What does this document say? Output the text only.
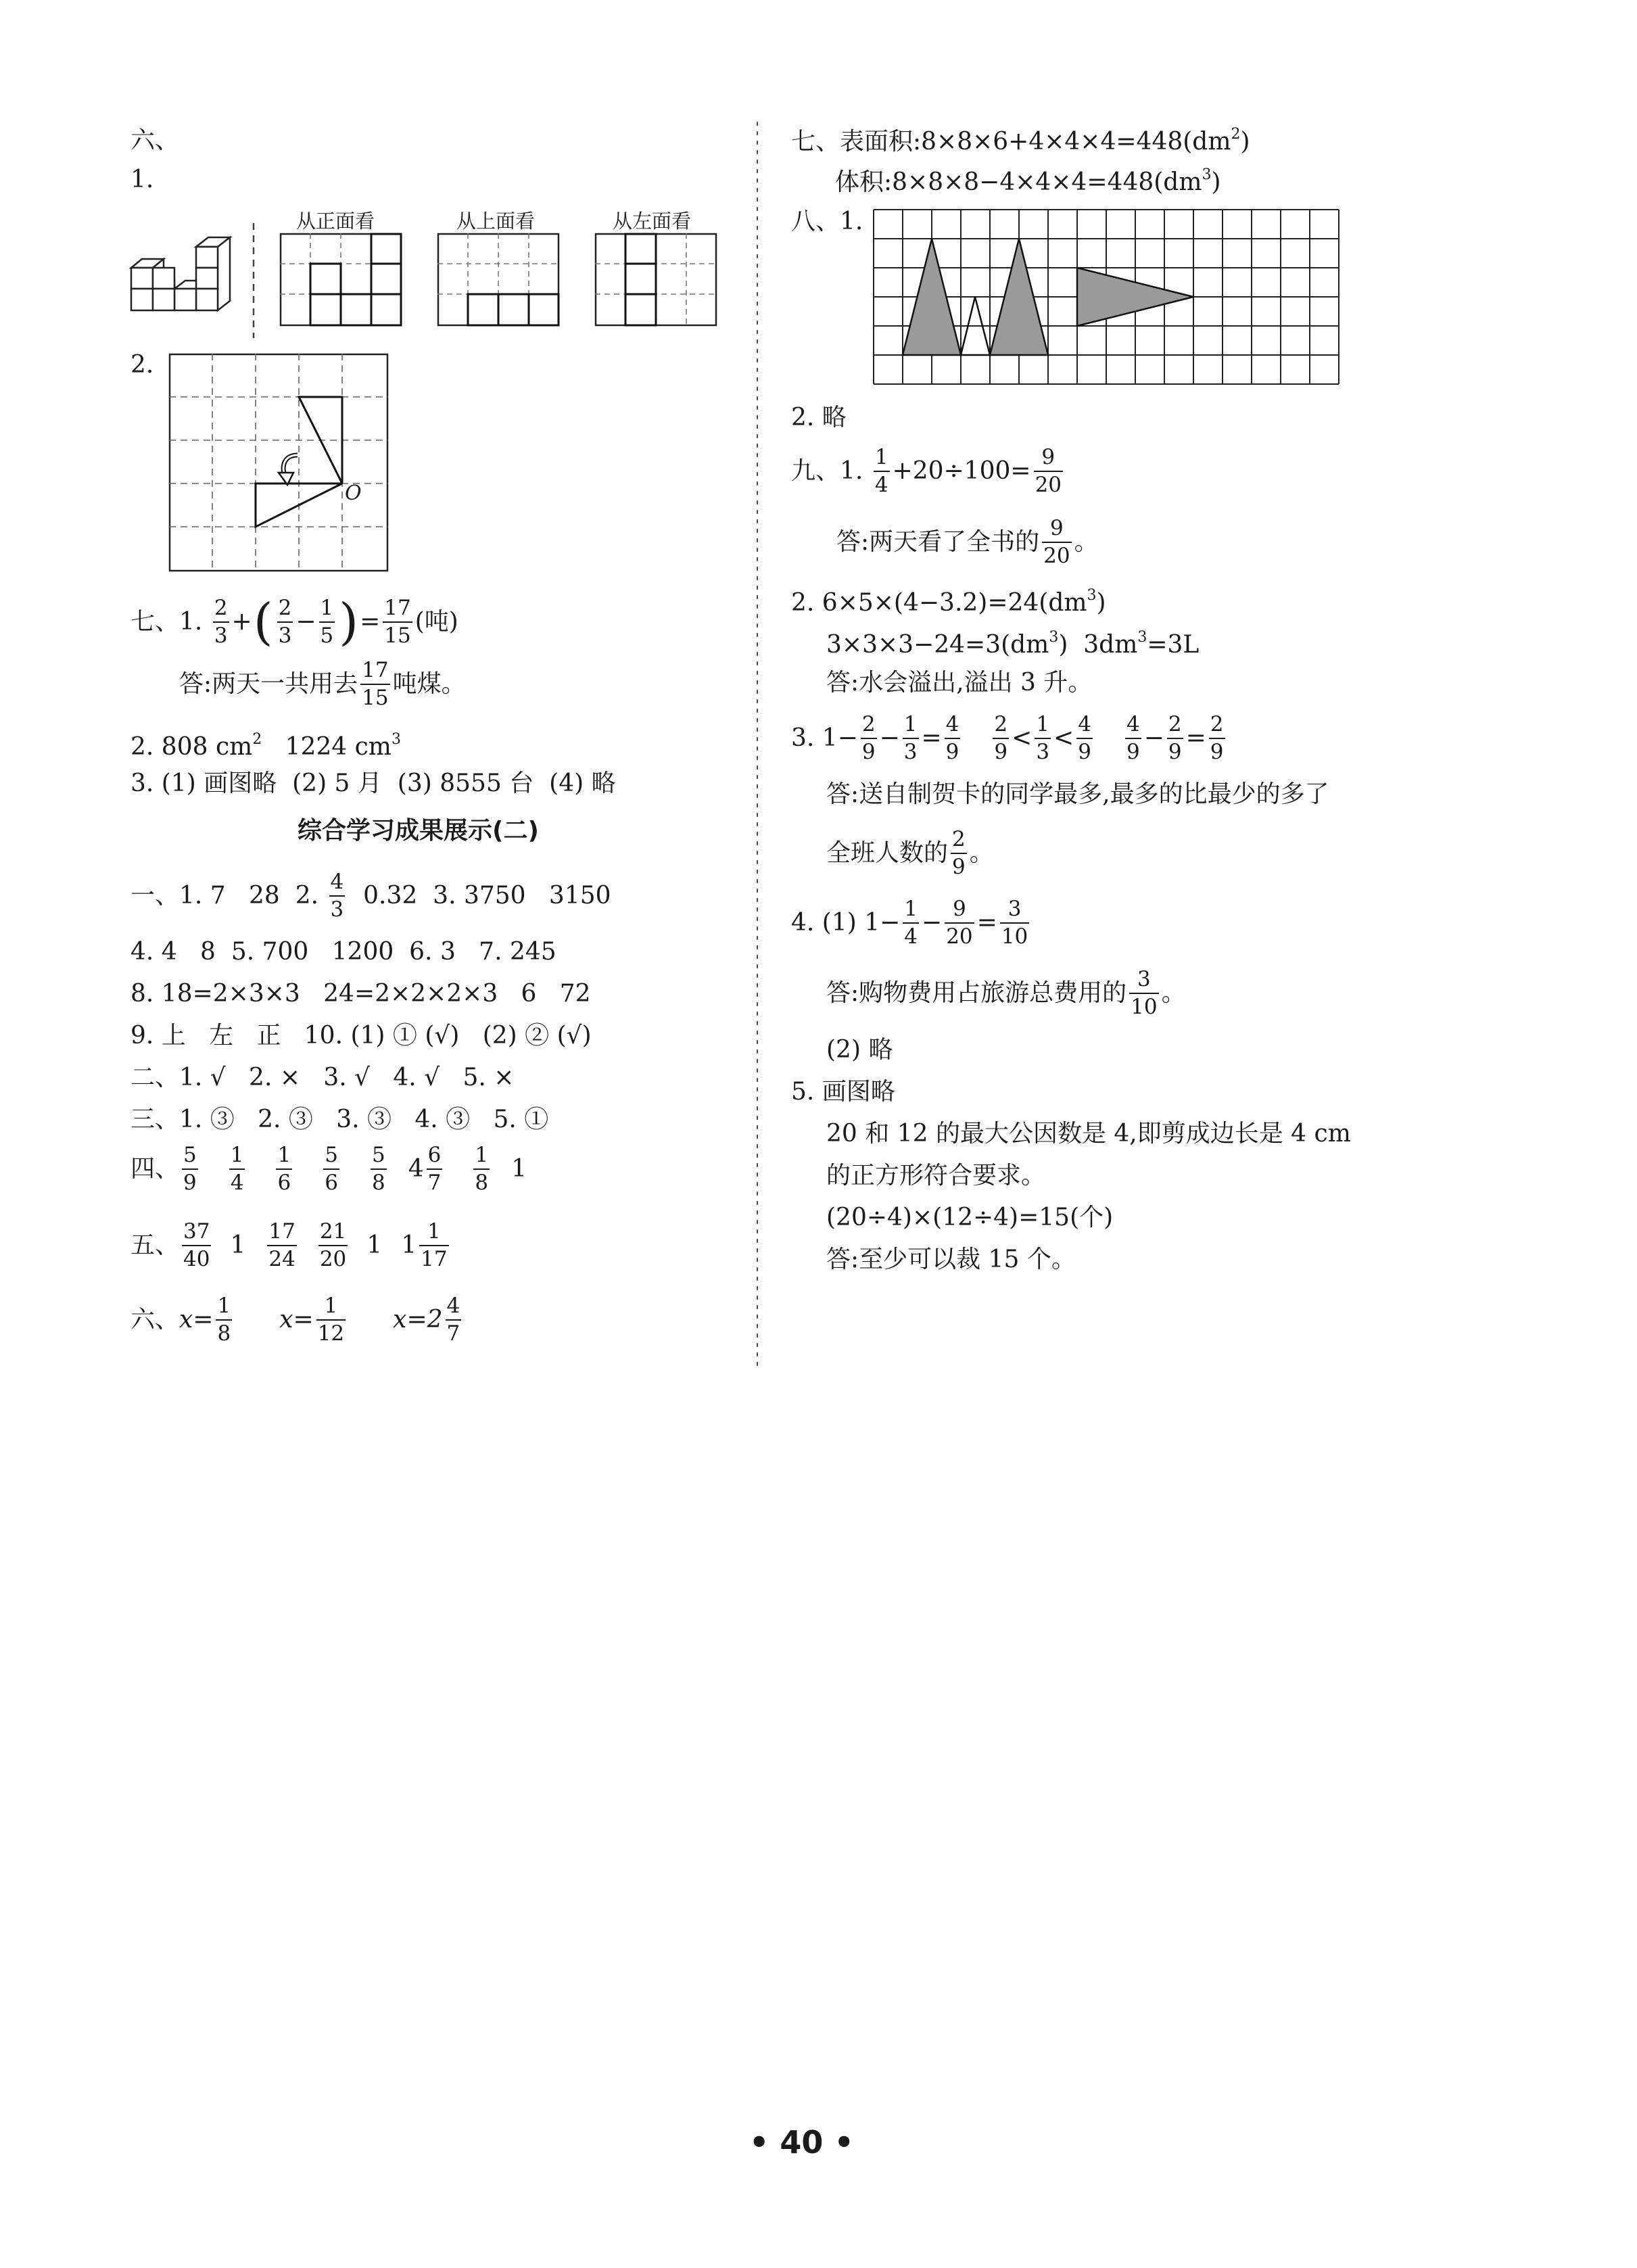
六、
1.
从正面看	从上面看	从左面看
2.
O
七、1.
2
3 + ( 2
$3 - \frac{1}{5}$ ) = $\frac{17}{15}$ (吨)
答:两天一共用去 17
15 吨煤。
2. 808 $cm^2$   1224 $cm^3$
3. (1) 画图略  (2) 5 月  (3) 8555 台  (4) 略
综合学习成果展示(二)
一、1. 7   28  2. 4
3 0.32  3. 3750   3150
4. 4   8  5. 700   1200  6. 3   7. 245
8. 18=2×3×3   24=2×2×2×3   6   72
9. 上   左   正   10. (1) ① (√)   (2) ② (√)
二、1. √   2. ×   3. √   4. √   5. ×
三、1. ③   2. ③   3. ③   4. ③   5. ①
四、 5
9
1
4
1
6
5
6
5
8 4 6
7
1
8 1
五、 37
40 1 17
24
21
20 1 1 1
17
六、 $x= \frac{1}{8} x= \frac{1}{12} x=2$ 4
7
七、表面积$:8\times 8\times 6+4\times 4\times 4=448(dm^2)$
体积$:8\times 8\times 8-4\times 4\times 4=448(dm^3)$
八、1.
2. 略
九、1.
1
$4 +20\div 100= \frac{9}{20}$
答:两天看了全书的 9
20 。
2. $6\times 5\times(4-3.2)=24(dm^3)$
$3\times 3\times 3-24=3(dm^3)$  $3dm^3=3L$
答:水会溢出,溢出 3 升。
3. $1- \frac{2}{9} - \frac{1}{3} = \frac{4}{9} 2$
9 < 1
3 < 4
9
4
$9 - \frac{2}{9} = \frac{2}{9}$
答:送自制贺卡的同学最多,最多的比最少的多了
全班人数的 2
9 。
4. (1) $1- \frac{1}{4} - \frac{9}{20} = \frac{3}{10}$
答:购物费用占旅游总费用的 3
10 。
(2) 略
5. 画图略
20 和 12 的最大公因数是 4,即剪成边长是 4 cm
的正方形符合要求。
(20÷4)×(12÷4)=15(个)
答:至少可以裁 15 个。
• 40 •
